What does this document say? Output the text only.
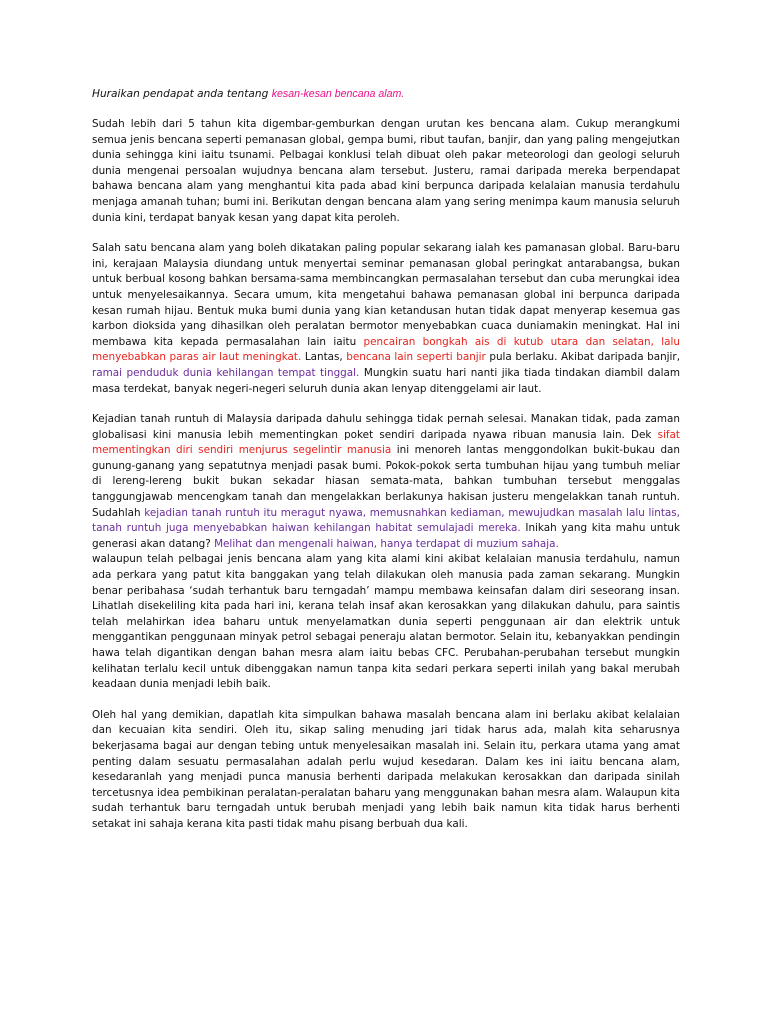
Huraikan pendapat anda tentang kesan-kesan bencana alam.

Sudah lebih dari 5 tahun kita digembar-gemburkan dengan urutan kes bencana alam. Cukup merangkumi semua jenis bencana seperti pemanasan global, gempa bumi, ribut taufan, banjir, dan yang paling mengejutkan dunia sehingga kini iaitu tsunami. Pelbagai konklusi telah dibuat oleh pakar meteorologi dan geologi seluruh dunia mengenai persoalan wujudnya bencana alam tersebut. Justeru, ramai daripada mereka berpendapat bahawa bencana alam yang menghantui kita pada abad kini berpunca daripada kelalaian manusia terdahulu menjaga amanah tuhan; bumi ini. Berikutan dengan bencana alam yang sering menimpa kaum manusia seluruh dunia kini, terdapat banyak kesan yang dapat kita peroleh.

Salah satu bencana alam yang boleh dikatakan paling popular sekarang ialah kes pamanasan global. Baru-baru ini, kerajaan Malaysia diundang untuk menyertai seminar pemanasan global peringkat antarabangsa, bukan untuk berbual kosong bahkan bersama-sama membincangkan permasalahan tersebut dan cuba merungkai idea untuk menyelesaikannya. Secara umum, kita mengetahui bahawa pemanasan global ini berpunca daripada kesan rumah hijau. Bentuk muka bumi dunia yang kian ketandusan hutan tidak dapat menyerap kesemua gas karbon dioksida yang dihasilkan oleh peralatan bermotor menyebabkan cuaca duniamakin meningkat. Hal ini membawa kita kepada permasalahan lain iaitu pencairan bongkah ais di kutub utara dan selatan, lalu menyebabkan paras air laut meningkat. Lantas, bencana lain seperti banjir pula berlaku. Akibat daripada banjir, ramai penduduk dunia kehilangan tempat tinggal. Mungkin suatu hari nanti jika tiada tindakan diambil dalam masa terdekat, banyak negeri-negeri seluruh dunia akan lenyap ditenggelami air laut.

Kejadian tanah runtuh di Malaysia daripada dahulu sehingga tidak pernah selesai. Manakan tidak, pada zaman globalisasi kini manusia lebih mementingkan poket sendiri daripada nyawa ribuan manusia lain. Dek sifat mementingkan diri sendiri menjurus segelintir manusia ini menoreh lantas menggondolkan bukit-bukau dan gunung-ganang yang sepatutnya menjadi pasak bumi. Pokok-pokok serta tumbuhan hijau yang tumbuh meliar di lereng-lereng bukit bukan sekadar hiasan semata-mata, bahkan tumbuhan tersebut menggalas tanggungjawab mencengkam tanah dan mengelakkan berlakunya hakisan justeru mengelakkan tanah runtuh. Sudahlah kejadian tanah runtuh itu meragut nyawa, memusnahkan kediaman, mewujudkan masalah lalu lintas, tanah runtuh juga menyebabkan haiwan kehilangan habitat semulajadi mereka. Inikah yang kita mahu untuk generasi akan datang? Melihat dan mengenali haiwan, hanya terdapat di muzium sahaja.

walaupun telah pelbagai jenis bencana alam yang kita alami kini akibat kelalaian manusia terdahulu, namun ada perkara yang patut kita banggakan yang telah dilakukan oleh manusia pada zaman sekarang. Mungkin benar peribahasa ‘sudah terhantuk baru terngadah’ mampu membawa keinsafan dalam diri seseorang insan. Lihatlah disekeliling kita pada hari ini, kerana telah insaf akan kerosakkan yang dilakukan dahulu, para saintis telah melahirkan idea baharu untuk menyelamatkan dunia seperti penggunaan air dan elektrik untuk menggantikan penggunaan minyak petrol sebagai peneraju alatan bermotor. Selain itu, kebanyakkan pendingin hawa telah digantikan dengan bahan mesra alam iaitu bebas CFC. Perubahan-perubahan tersebut mungkin kelihatan terlalu kecil untuk dibenggakan namun tanpa kita sedari perkara seperti inilah yang bakal merubah keadaan dunia menjadi lebih baik.

Oleh hal yang demikian, dapatlah kita simpulkan bahawa masalah bencana alam ini berlaku akibat kelalaian dan kecuaian kita sendiri. Oleh itu, sikap saling menuding jari tidak harus ada, malah kita seharusnya bekerjasama bagai aur dengan tebing untuk menyelesaikan masalah ini. Selain itu, perkara utama yang amat penting dalam sesuatu permasalahan adalah perlu wujud kesedaran. Dalam kes ini iaitu bencana alam, kesedaranlah yang menjadi punca manusia berhenti daripada melakukan kerosakkan dan daripada sinilah tercetusnya idea pembikinan peralatan-peralatan baharu yang menggunakan bahan mesra alam. Walaupun kita sudah terhantuk baru terngadah untuk berubah menjadi yang lebih baik namun kita tidak harus berhenti setakat ini sahaja kerana kita pasti tidak mahu pisang berbuah dua kali.
